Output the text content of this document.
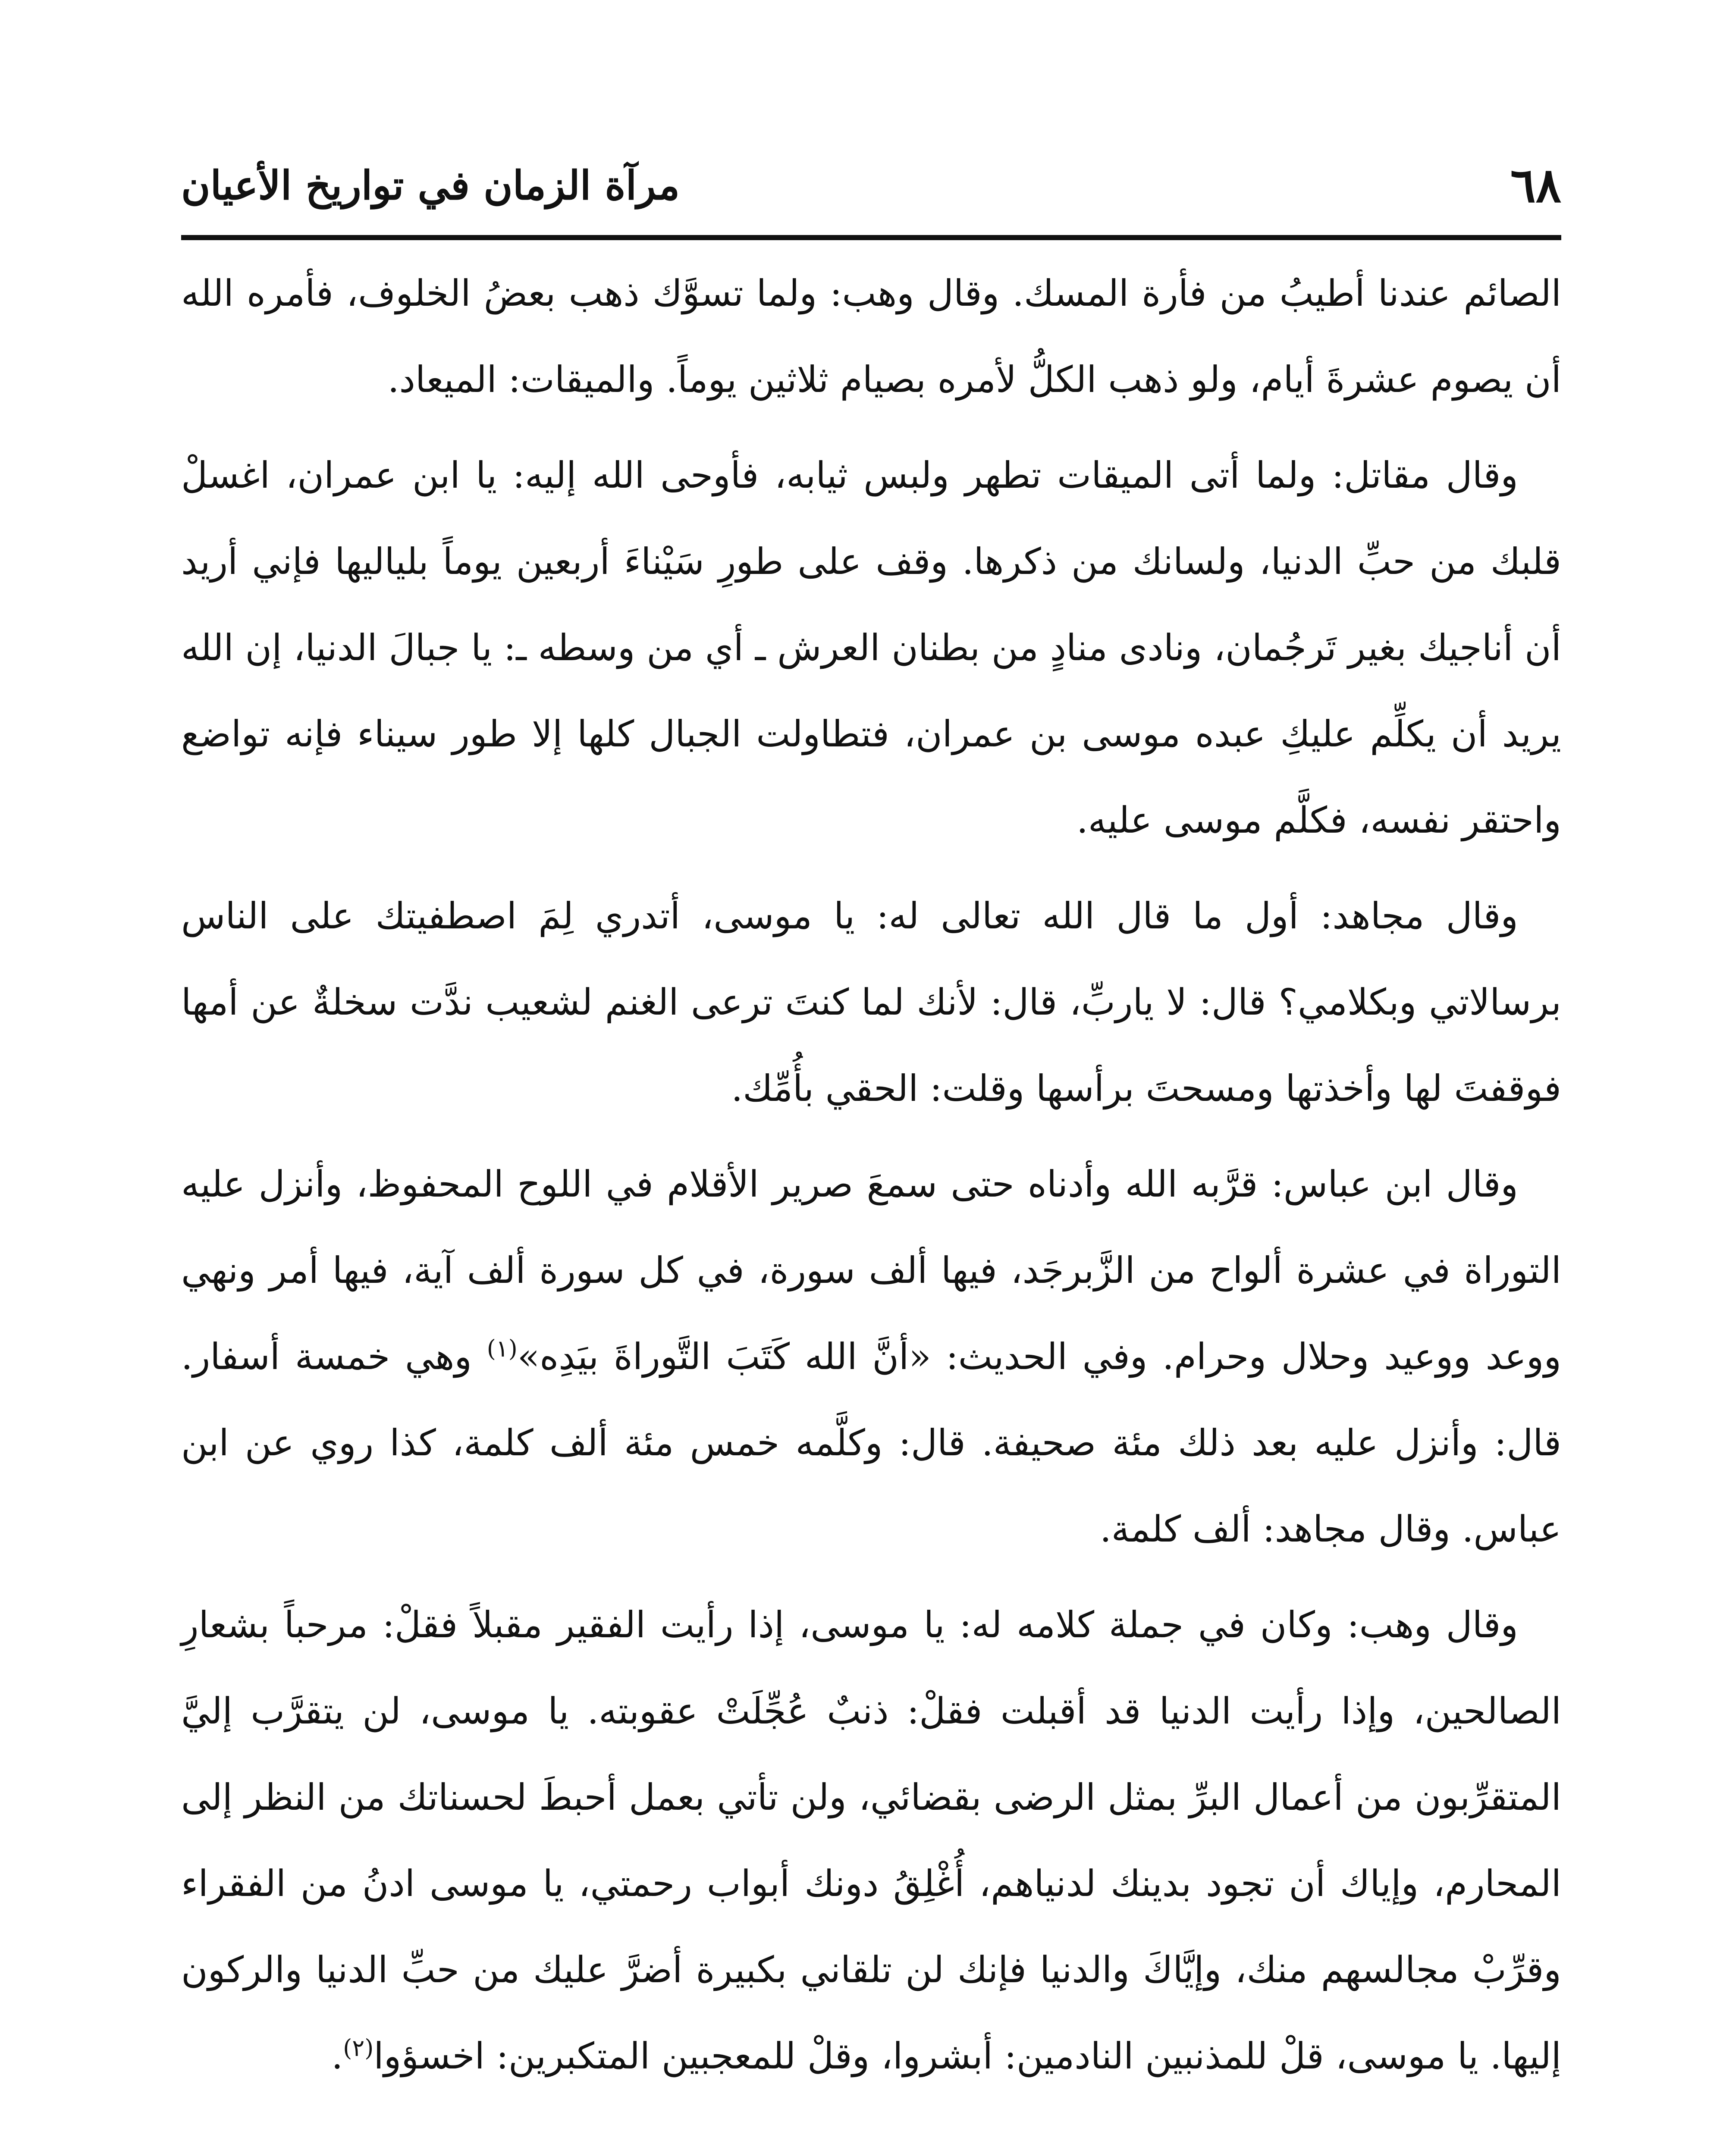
٦٨
مرآة الزمان في تواريخ الأعيان

الصائم عندنا أطيبُ من فأرة المسك. وقال وهب: ولما تسوَّك ذهب بعضُ الخلوف، فأمره الله أن يصوم عشرةَ أيام، ولو ذهب الكلُّ لأمره بصيام ثلاثين يوماً. والميقات: الميعاد.

وقال مقاتل: ولما أتى الميقات تطهر ولبس ثيابه، فأوحى الله إليه: يا ابن عمران، اغسلْ قلبك من حبِّ الدنيا، ولسانك من ذكرها. وقف على طورِ سَيْناءَ أربعين يوماً بلياليها فإني أريد أن أناجيك بغير تَرجُمان، ونادى منادٍ من بطنان العرش ـ أي من وسطه ـ: يا جبالَ الدنيا، إن الله يريد أن يكلِّم عليكِ عبده موسى بن عمران، فتطاولت الجبال كلها إلا طور سيناء فإنه تواضع واحتقر نفسه، فكلَّم موسى عليه.

وقال مجاهد: أول ما قال الله تعالى له: يا موسى، أتدري لِمَ اصطفيتك على الناس برسالاتي وبكلامي؟ قال: لا ياربِّ، قال: لأنك لما كنتَ ترعى الغنم لشعيب ندَّت سخلةٌ عن أمها فوقفتَ لها وأخذتها ومسحتَ برأسها وقلت: الحقي بأُمِّك.

وقال ابن عباس: قرَّبه الله وأدناه حتى سمعَ صرير الأقلام في اللوح المحفوظ، وأنزل عليه التوراة في عشرة ألواح من الزَّبرجَد، فيها ألف سورة، في كل سورة ألف آية، فيها أمر ونهي ووعد ووعيد وحلال وحرام. وفي الحديث: «أنَّ الله كَتَبَ التَّوراةَ بيَدِه»$^{(١)}$ وهي خمسة أسفار. قال: وأنزل عليه بعد ذلك مئة صحيفة. قال: وكلَّمه خمس مئة ألف كلمة، كذا روي عن ابن عباس. وقال مجاهد: ألف كلمة.

وقال وهب: وكان في جملة كلامه له: يا موسى، إذا رأيت الفقير مقبلاً فقلْ: مرحباً بشعارِ الصالحين، وإذا رأيت الدنيا قد أقبلت فقلْ: ذنبٌ عُجِّلَتْ عقوبته. يا موسى، لن يتقرَّب إليَّ المتقرِّبون من أعمال البرِّ بمثل الرضى بقضائي، ولن تأتي بعمل أحبطَ لحسناتك من النظر إلى المحارم، وإياك أن تجود بدينك لدنياهم، أُغْلِقُ دونك أبواب رحمتي، يا موسى ادنُ من الفقراء وقرِّبْ مجالسهم منك، وإيَّاكَ والدنيا فإنك لن تلقاني بكبيرة أضرَّ عليك من حبِّ الدنيا والركون إليها. يا موسى، قلْ للمذنبين النادمين: أبشروا، وقلْ للمعجبين المتكبرين: اخسؤوا$^{(٢)}$.
